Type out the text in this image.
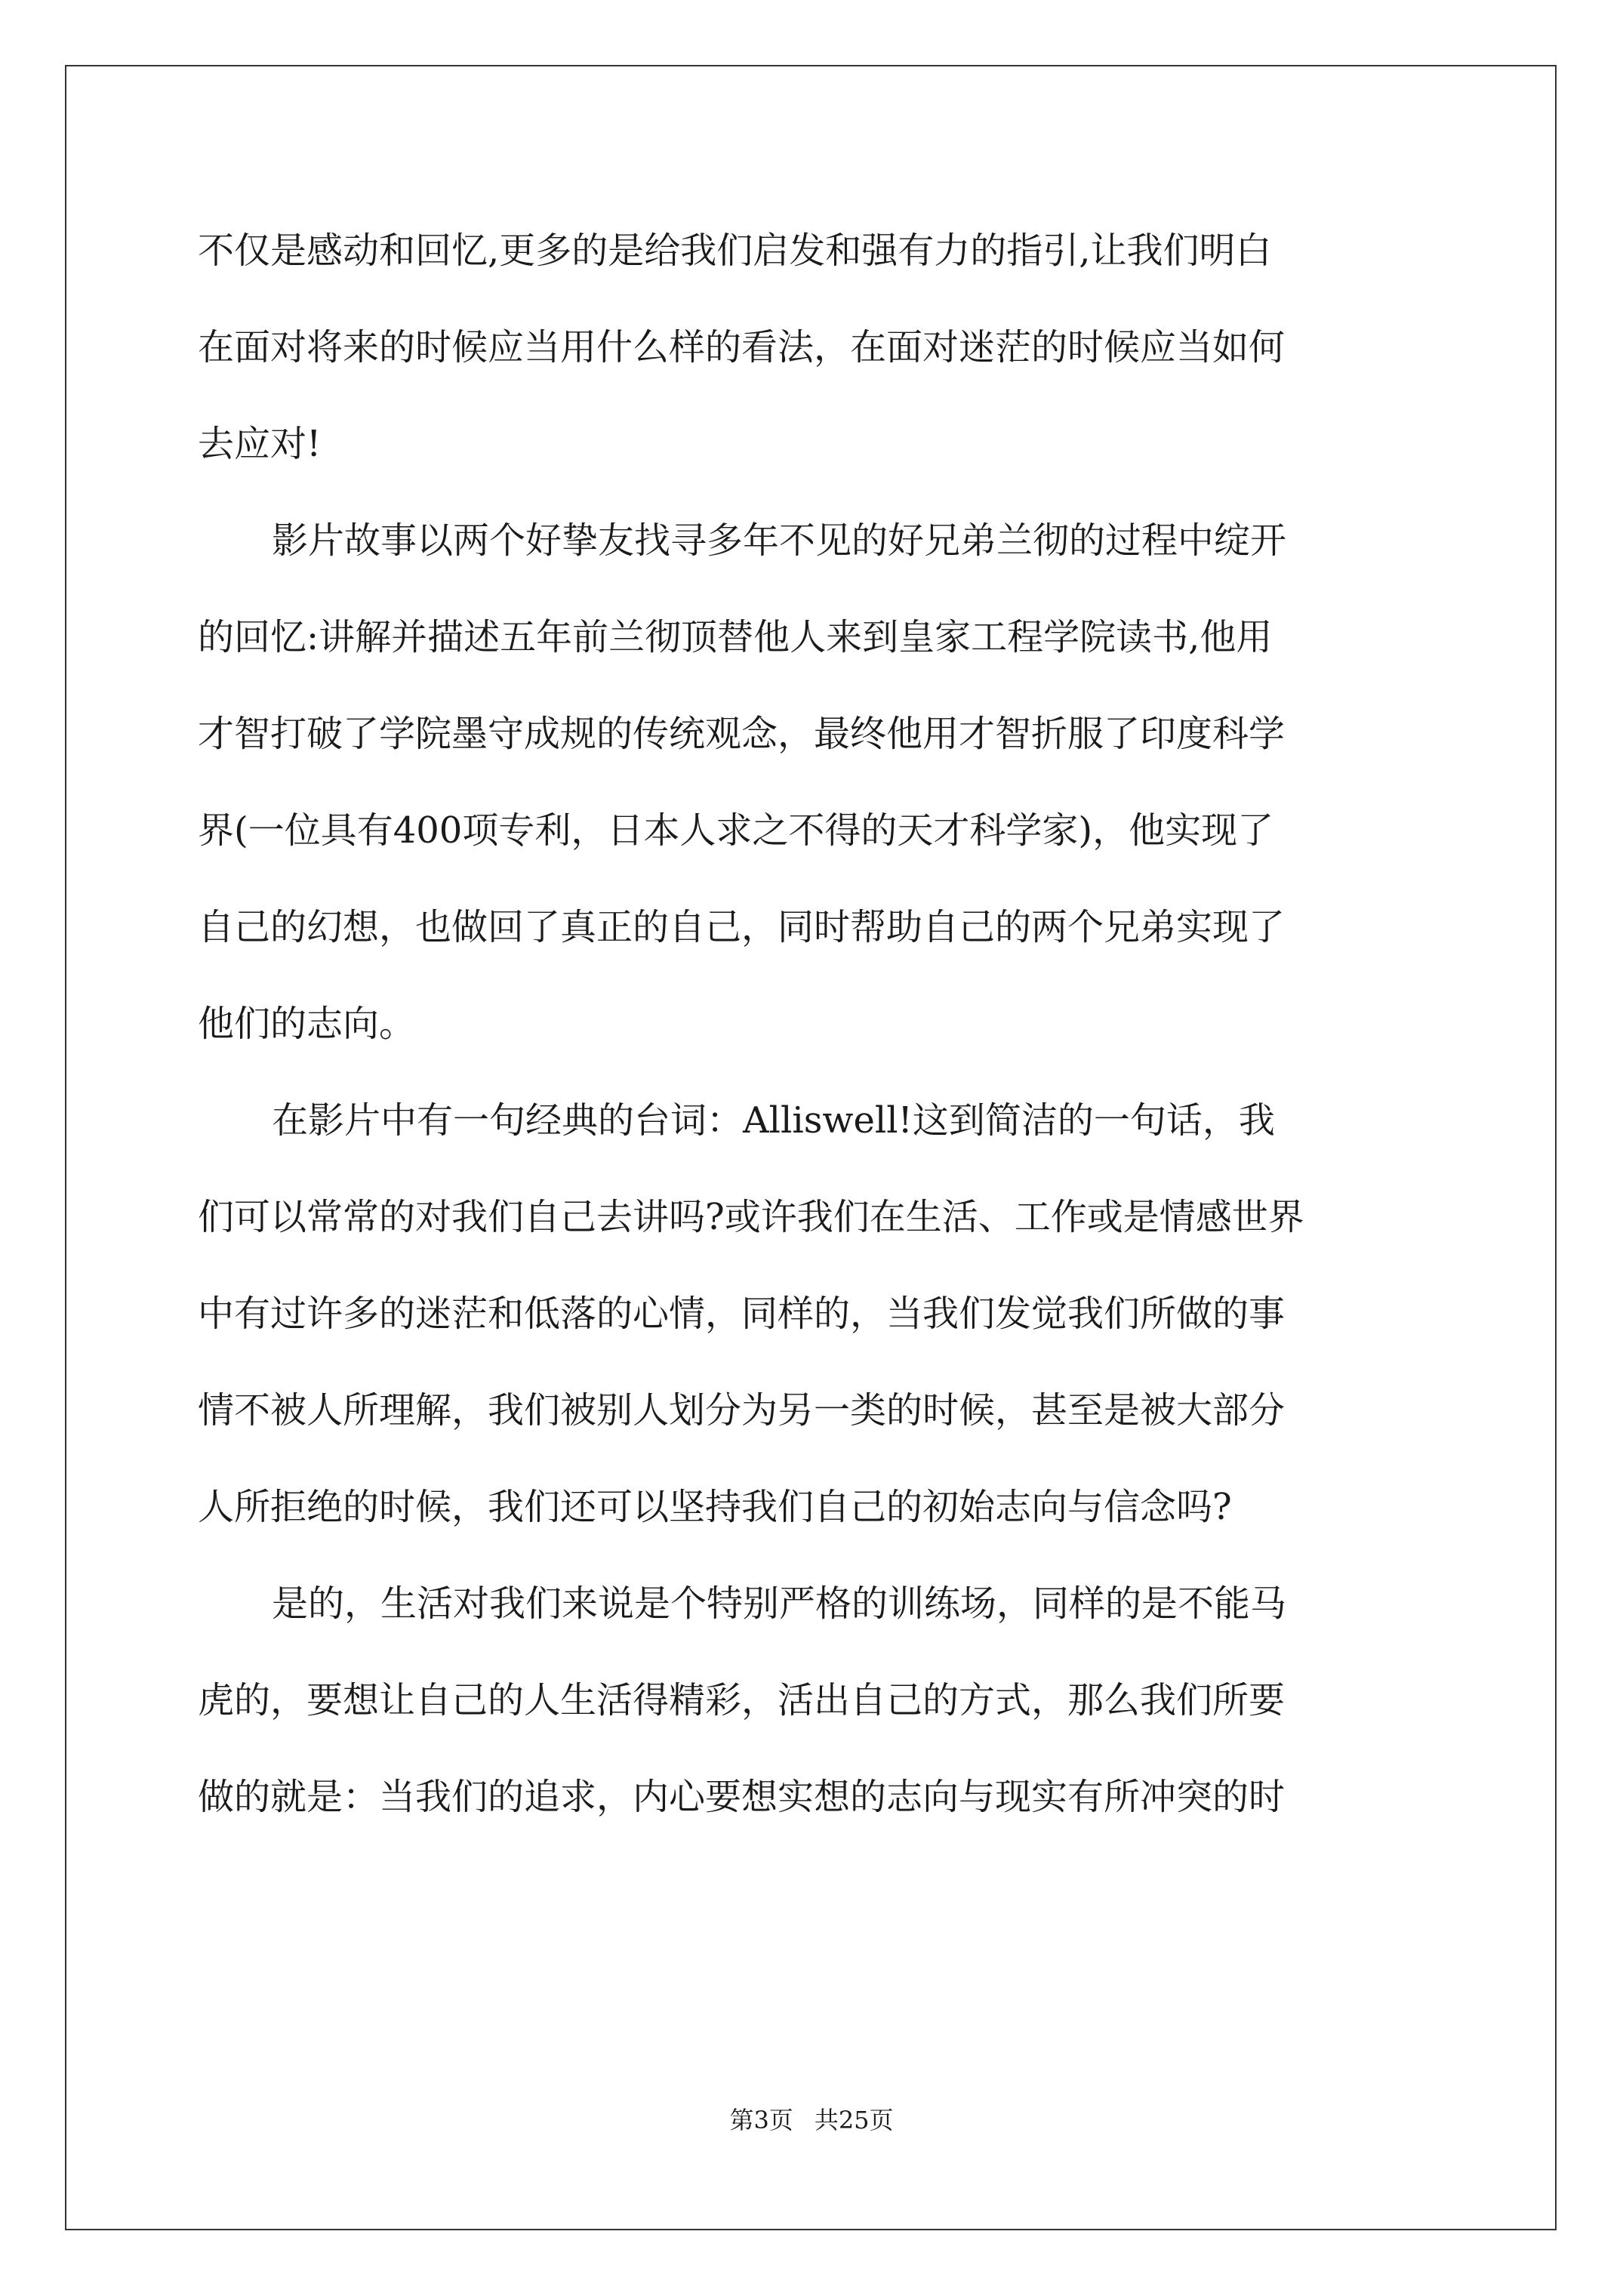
不仅是感动和回忆,更多的是给我们启发和强有力的指引,让我们明白
在面对将来的时候应当用什么样的看法，在面对迷茫的时候应当如何
去应对!
影片故事以两个好挚友找寻多年不见的好兄弟兰彻的过程中绽开
的回忆:讲解并描述五年前兰彻顶替他人来到皇家工程学院读书,他用
才智打破了学院墨守成规的传统观念，最终他用才智折服了印度科学
界(一位具有400项专利，日本人求之不得的天才科学家)，他实现了
自己的幻想，也做回了真正的自己，同时帮助自己的两个兄弟实现了
他们的志向。
在影片中有一句经典的台词：Alliswell!这到简洁的一句话，我
们可以常常的对我们自己去讲吗?或许我们在生活、工作或是情感世界
中有过许多的迷茫和低落的心情，同样的，当我们发觉我们所做的事
情不被人所理解，我们被别人划分为另一类的时候，甚至是被大部分
人所拒绝的时候，我们还可以坚持我们自己的初始志向与信念吗?
是的，生活对我们来说是个特别严格的训练场，同样的是不能马
虎的，要想让自己的人生活得精彩，活出自己的方式，那么我们所要
做的就是：当我们的追求，内心要想实想的志向与现实有所冲突的时
第3页 共25页
